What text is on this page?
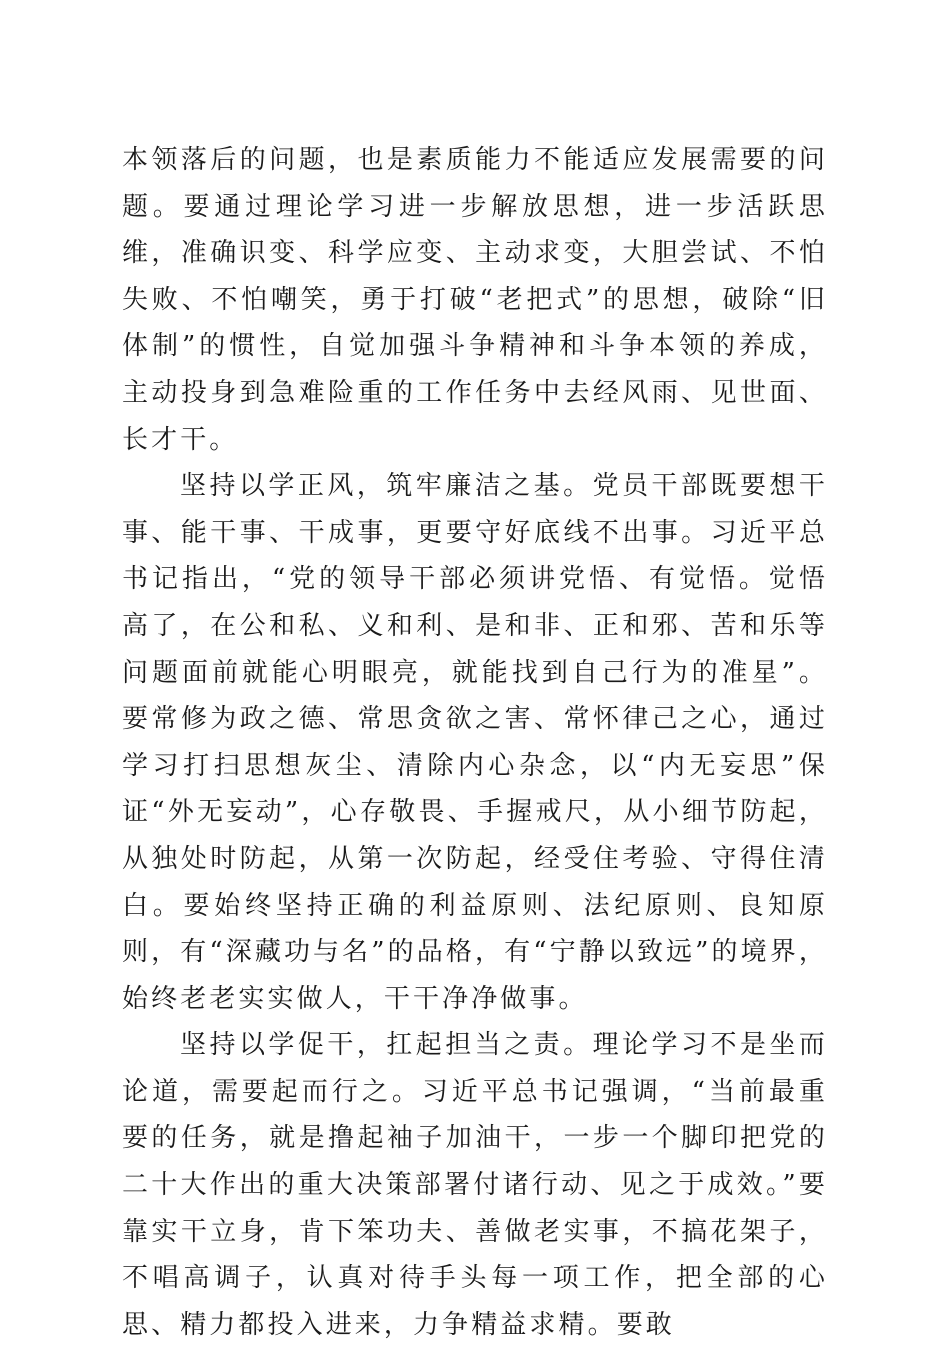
本领落后的问题，也是素质能力不能适应发展需要的问题。要通过理论学习进一步解放思想，进一步活跃思维，准确识变、科学应变、主动求变，大胆尝试、不怕失败、不怕嘲笑，勇于打破“老把式”的思想，破除“旧体制”的惯性，自觉加强斗争精神和斗争本领的养成，主动投身到急难险重的工作任务中去经风雨、见世面、长才干。

坚持以学正风，筑牢廉洁之基。党员干部既要想干事、能干事、干成事，更要守好底线不出事。习近平总书记指出，“党的领导干部必须讲党悟、有觉悟。觉悟高了，在公和私、义和利、是和非、正和邪、苦和乐等问题面前就能心明眼亮，就能找到自己行为的准星”。要常修为政之德、常思贪欲之害、常怀律己之心，通过学习打扫思想灰尘、清除内心杂念，以“内无妄思”保证“外无妄动”，心存敬畏、手握戒尺，从小细节防起，从独处时防起，从第一次防起，经受住考验、守得住清白。要始终坚持正确的利益原则、法纪原则、良知原则，有“深藏功与名”的品格，有“宁静以致远”的境界，始终老老实实做人，干干净净做事。

坚持以学促干，扛起担当之责。理论学习不是坐而论道，需要起而行之。习近平总书记强调，“当前最重要的任务，就是撸起袖子加油干，一步一个脚印把党的二十大作出的重大决策部署付诸行动、见之于成效。”要靠实干立身，肯下笨功夫、善做老实事，不搞花架子，不唱高调子，认真对待手头每一项工作，把全部的心思、精力都投入进来，力争精益求精。要敢
